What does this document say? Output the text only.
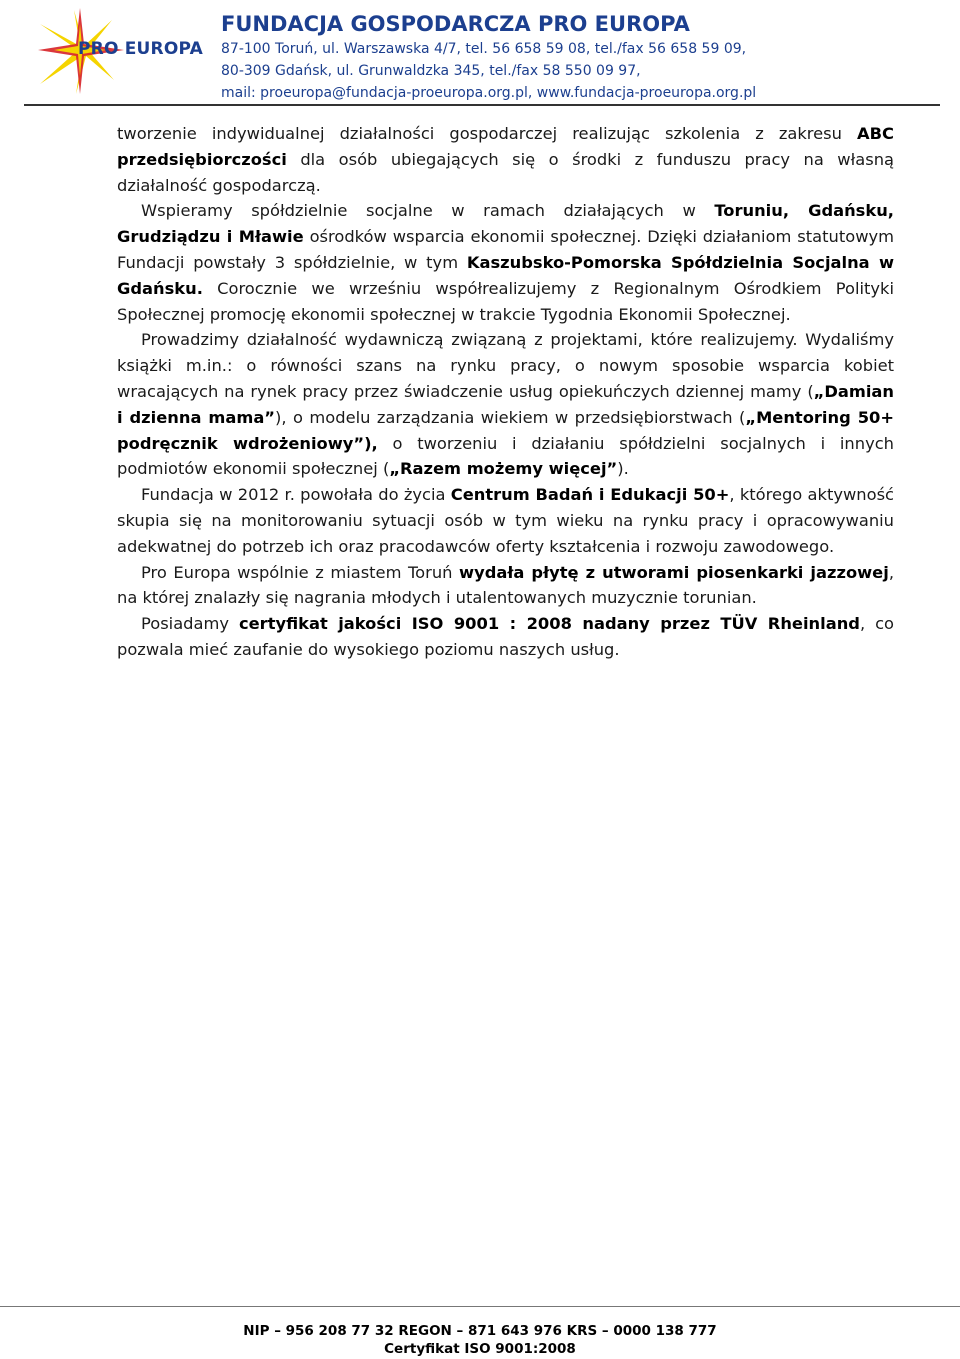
PRO EUROPA
FUNDACJA GOSPODARCZA PRO EUROPA
87-100 Toruń, ul. Warszawska 4/7, tel. 56 658 59 08, tel./fax 56 658 59 09,
80-309 Gdańsk, ul. Grunwaldzka 345, tel./fax 58 550 09 97,
mail: proeuropa@fundacja-proeuropa.org.pl, www.fundacja-proeuropa.org.pl

tworzenie indywidualnej działalności gospodarczej realizując szkolenia z zakresu ABC przedsiębiorczości dla osób ubiegających się o środki z funduszu pracy na własną działalność gospodarczą.

Wspieramy spółdzielnie socjalne w ramach działających w Toruniu, Gdańsku, Grudziądzu i Mławie ośrodków wsparcia ekonomii społecznej. Dzięki działaniom statutowym Fundacji powstały 3 spółdzielnie, w tym Kaszubsko-Pomorska Spółdzielnia Socjalna w Gdańsku. Corocznie we wrześniu współrealizujemy z Regionalnym Ośrodkiem Polityki Społecznej promocję ekonomii społecznej w trakcie Tygodnia Ekonomii Społecznej.

Prowadzimy działalność wydawniczą związaną z projektami, które realizujemy. Wydaliśmy książki m.in.: o równości szans na rynku pracy, o nowym sposobie wsparcia kobiet wracających na rynek pracy przez świadczenie usług opiekuńczych dziennej mamy („Damian i dzienna mama”), o modelu zarządzania wiekiem w przedsiębiorstwach („Mentoring 50+ podręcznik wdrożeniowy”), o tworzeniu i działaniu spółdzielni socjalnych i innych podmiotów ekonomii społecznej („Razem możemy więcej”).

Fundacja w 2012 r. powołała do życia Centrum Badań i Edukacji 50+, którego aktywność skupia się na monitorowaniu sytuacji osób w tym wieku na rynku pracy i opracowywaniu adekwatnej do potrzeb ich oraz pracodawców oferty kształcenia i rozwoju zawodowego.

Pro Europa wspólnie z miastem Toruń wydała płytę z utworami piosenkarki jazzowej, na której znalazły się nagrania młodych i utalentowanych muzycznie torunian.

Posiadamy certyfikat jakości ISO 9001 : 2008 nadany przez TÜV Rheinland, co pozwala mieć zaufanie do wysokiego poziomu naszych usług.

NIP – 956 208 77 32 REGON – 871 643 976 KRS – 0000 138 777
Certyfikat ISO 9001:2008
